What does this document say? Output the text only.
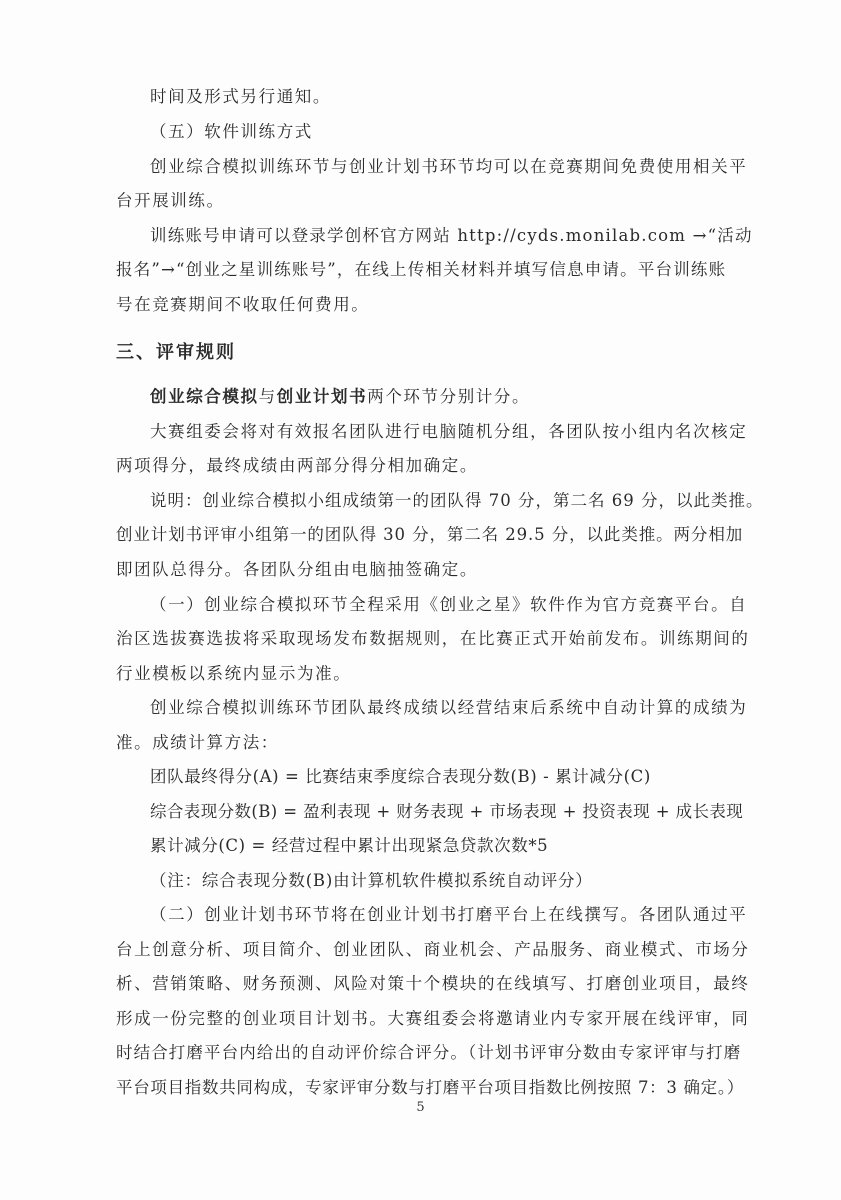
时间及形式另行通知。
（五）软件训练方式
创业综合模拟训练环节与创业计划书环节均可以在竞赛期间免费使用相关平
台开展训练。
训练账号申请可以登录学创杯官方网站 http://cyds.monilab.com →“活动
报名”→“创业之星训练账号”，在线上传相关材料并填写信息申请。平台训练账
号在竞赛期间不收取任何费用。
三、评审规则
创业综合模拟与创业计划书两个环节分别计分。
大赛组委会将对有效报名团队进行电脑随机分组，各团队按小组内名次核定
两项得分，最终成绩由两部分得分相加确定。
说明：创业综合模拟小组成绩第一的团队得 70 分，第二名 69 分，以此类推。
创业计划书评审小组第一的团队得 30 分，第二名 29.5 分，以此类推。两分相加
即团队总得分。各团队分组由电脑抽签确定。
（一）创业综合模拟环节全程采用《创业之星》软件作为官方竞赛平台。自
治区选拔赛选拔将采取现场发布数据规则，在比赛正式开始前发布。训练期间的
行业模板以系统内显示为准。
创业综合模拟训练环节团队最终成绩以经营结束后系统中自动计算的成绩为
准。成绩计算方法：
团队最终得分(A) = 比赛结束季度综合表现分数(B) - 累计减分(C)
综合表现分数(B) = 盈利表现 + 财务表现 + 市场表现 + 投资表现 + 成长表现
累计减分(C) = 经营过程中累计出现紧急贷款次数*5
（注：综合表现分数(B)由计算机软件模拟系统自动评分）
（二）创业计划书环节将在创业计划书打磨平台上在线撰写。各团队通过平
台上创意分析、项目简介、创业团队、商业机会、产品服务、商业模式、市场分
析、营销策略、财务预测、风险对策十个模块的在线填写、打磨创业项目，最终
形成一份完整的创业项目计划书。大赛组委会将邀请业内专家开展在线评审，同
时结合打磨平台内给出的自动评价综合评分。（计划书评审分数由专家评审与打磨
平台项目指数共同构成，专家评审分数与打磨平台项目指数比例按照 7：3 确定。）
5
